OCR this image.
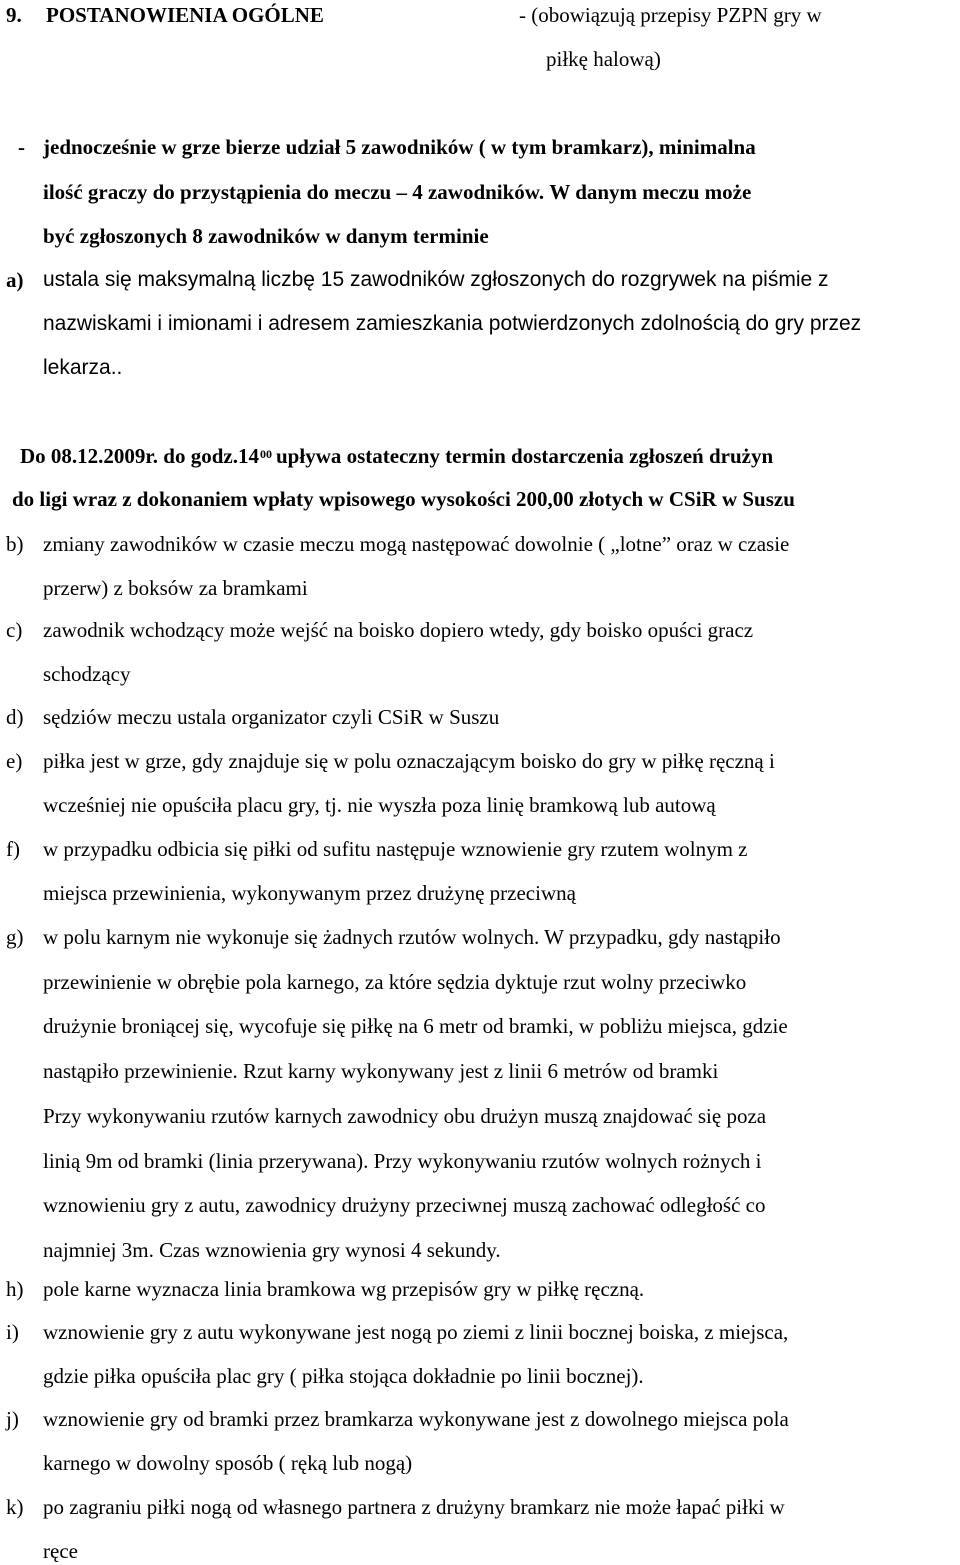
9. POSTANOWIENIA OGÓLNE	- (obowiązują przepisy PZPN gry w
piłkę halową)
- jednocześnie w grze bierze udział 5 zawodników ( w tym bramkarz), minimalna
ilość graczy do przystąpienia do meczu – 4 zawodników. W danym meczu może
być zgłoszonych 8 zawodników w danym terminie
a) ustala się maksymalną liczbę 15 zawodników zgłoszonych do rozgrywek na piśmie z
nazwiskami i imionami i adresem zamieszkania potwierdzonych zdolnością do gry przez
lekarza..
Do 08.12.2009r. do $godz.14^{00}$ upływa ostateczny termin dostarczenia zgłoszeń drużyn
do ligi wraz z dokonaniem wpłaty wpisowego wysokości 200,00 złotych w CSiR w Suszu
b) zmiany zawodników w czasie meczu mogą następować dowolnie ( „lotne” oraz w czasie
przerw) z boksów za bramkami
c) zawodnik wchodzący może wejść na boisko dopiero wtedy, gdy boisko opuści gracz
schodzący
d) sędziów meczu ustala organizator czyli CSiR w Suszu
e) piłka jest w grze, gdy znajduje się w polu oznaczającym boisko do gry w piłkę ręczną i
wcześniej nie opuściła placu gry, tj. nie wyszła poza linię bramkową lub autową
f) w przypadku odbicia się piłki od sufitu następuje wznowienie gry rzutem wolnym z
miejsca przewinienia, wykonywanym przez drużynę przeciwną
g) w polu karnym nie wykonuje się żadnych rzutów wolnych. W przypadku, gdy nastąpiło
przewinienie w obrębie pola karnego, za które sędzia dyktuje rzut wolny przeciwko
drużynie broniącej się, wycofuje się piłkę na 6 metr od bramki, w pobliżu miejsca, gdzie
nastąpiło przewinienie. Rzut karny wykonywany jest z linii 6 metrów od bramki
Przy wykonywaniu rzutów karnych zawodnicy obu drużyn muszą znajdować się poza
linią 9m od bramki (linia przerywana). Przy wykonywaniu rzutów wolnych rożnych i
wznowieniu gry z autu, zawodnicy drużyny przeciwnej muszą zachować odległość co
najmniej 3m. Czas wznowienia gry wynosi 4 sekundy.
h) pole karne wyznacza linia bramkowa wg przepisów gry w piłkę ręczną.
i) wznowienie gry z autu wykonywane jest nogą po ziemi z linii bocznej boiska, z miejsca,
gdzie piłka opuściła plac gry ( piłka stojąca dokładnie po linii bocznej).
j) wznowienie gry od bramki przez bramkarza wykonywane jest z dowolnego miejsca pola
karnego w dowolny sposób ( ręką lub nogą)
k) po zagraniu piłki nogą od własnego partnera z drużyny bramkarz nie może łapać piłki w
ręce
